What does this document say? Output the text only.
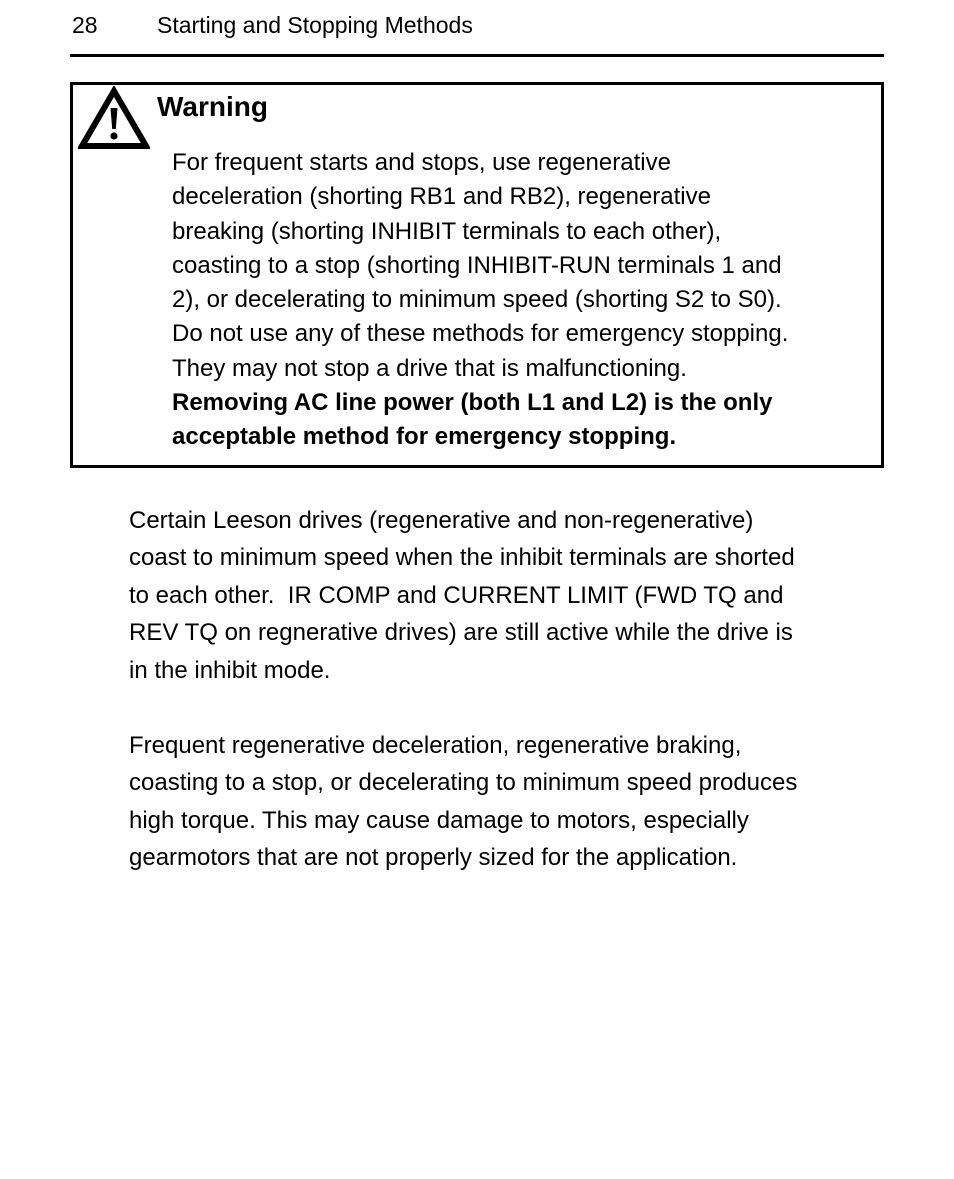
28	Starting and Stopping Methods
Warning
For frequent starts and stops, use regenerative
deceleration (shorting RB1 and RB2), regenerative
breaking (shorting INHIBIT terminals to each other),
coasting to a stop (shorting INHIBIT-RUN terminals 1 and
2), or decelerating to minimum speed (shorting S2 to S0).
Do not use any of these methods for emergency stopping.
They may not stop a drive that is malfunctioning.
Removing AC line power (both L1 and L2) is the only
acceptable method for emergency stopping.
Certain Leeson drives (regenerative and non-regenerative)
coast to minimum speed when the inhibit terminals are shorted
to each other.  IR COMP and CURRENT LIMIT (FWD TQ and
REV TQ on regnerative drives) are still active while the drive is
in the inhibit mode.
Frequent regenerative deceleration, regenerative braking,
coasting to a stop, or decelerating to minimum speed produces
high torque. This may cause damage to motors, especially
gearmotors that are not properly sized for the application.
